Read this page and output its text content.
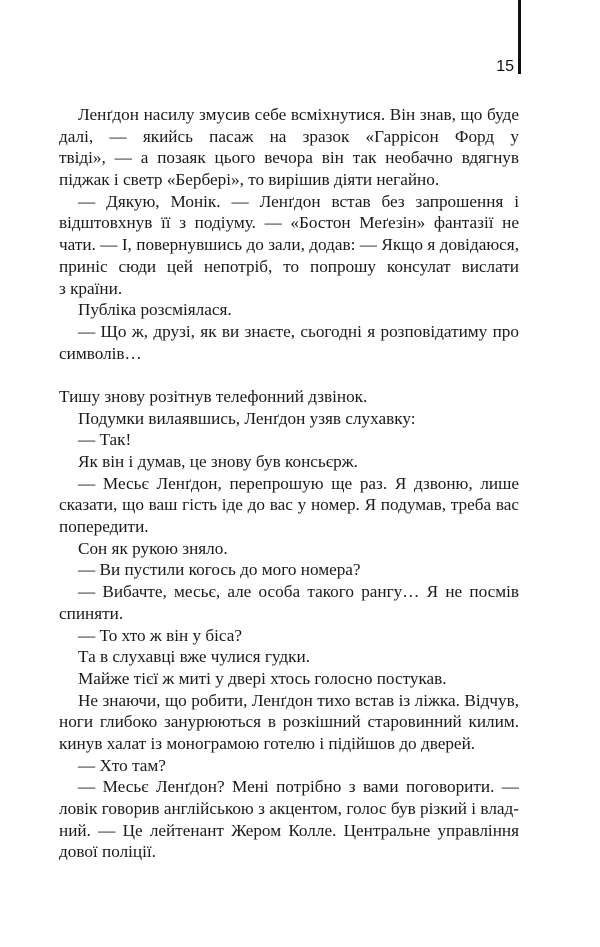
15
Ленґдон насилу змусив себе всміхнутися. Він знав, що буде
далі, — якийсь пасаж на зразок «Гаррісон Форд у
твіді», — а позаяк цього вечора він так необачно вдягнув
піджак і светр «Берберi», то вирішив діяти негайно.
— Дякую, Монік. — Ленґдон встав без запрошення і
відштовхнув її з подіуму. — «Бостон Меґезін» фантазії не
чати. — І, повернувшись до зали, додав: — Якщо я довідаюся,
приніс сюди цей непотріб, то попрошу консулат вислати
з країни.
Публіка розсміялася.
— Що ж, друзі, як ви знаєте, сьогодні я розповідатиму про
символів…
Тишу знову розітнув телефонний дзвінок.
Подумки вилаявшись, Ленґдон узяв слухавку:
— Так!
Як він і думав, це знову був консьєрж.
— Месьє Ленґдон, перепрошую ще раз. Я дзвоню, лише
сказати, що ваш гість іде до вас у номер. Я подумав, треба вас
попередити.
Сон як рукою зняло.
— Ви пустили когось до мого номера?
— Вибачте, месьє, але особа такого рангу… Я не посмів
спиняти.
— То хто ж він у біса?
Та в слухавці вже чулися гудки.
Майже тієї ж миті у двері хтось голосно постукав.
Не знаючи, що робити, Ленґдон тихо встав із ліжка. Відчув,
ноги глибоко занурюються в розкішний старовинний килим.
кинув халат із монограмою готелю і підійшов до дверей.
— Хто там?
— Месьє Ленґдон? Мені потрібно з вами поговорити. —
ловік говорив англійською з акцентом, голос був різкий і влад-
ний. — Це лейтенант Жером Колле. Центральне управління
дової поліції.
